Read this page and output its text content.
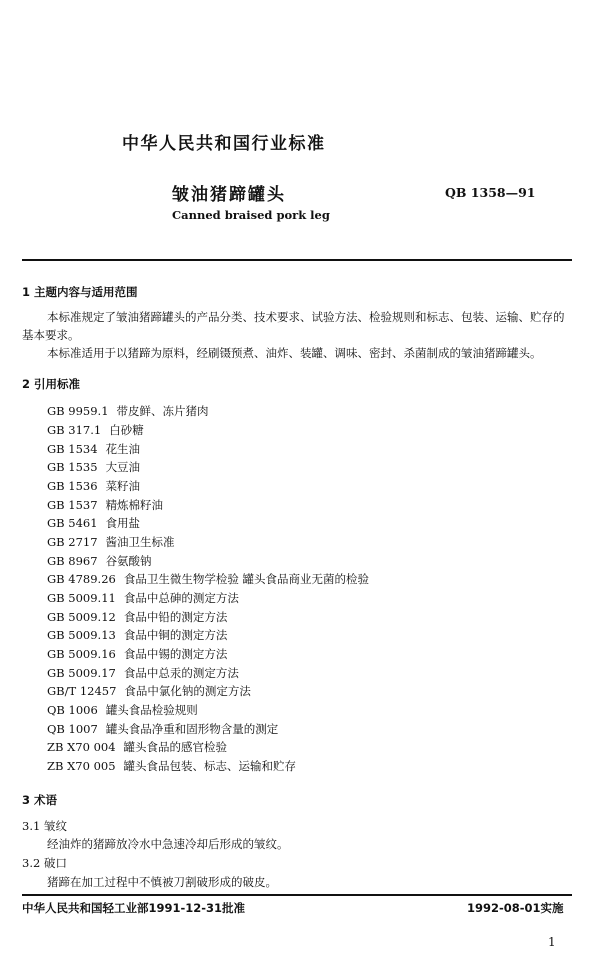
中华人民共和国行业标准
皱油猪蹄罐头	QB 1358—91
Canned braised pork leg
1 主题内容与适用范围
本标准规定了皱油猪蹄罐头的产品分类、技术要求、试验方法、检验规则和标志、包装、运输、贮存的
基本要求。
本标准适用于以猪蹄为原料，经刷镊预煮、油炸、装罐、调味、密封、杀菌制成的皱油猪蹄罐头。
2 引用标准
GB 9959.1 带皮鲜、冻片猪肉
GB 317.1 白砂糖
GB 1534 花生油
GB 1535 大豆油
GB 1536 菜籽油
GB 1537 精炼棉籽油
GB 5461 食用盐
GB 2717 酱油卫生标准
GB 8967 谷氨酸钠
GB 4789.26 食品卫生微生物学检验 罐头食品商业无菌的检验
GB 5009.11 食品中总砷的测定方法
GB 5009.12 食品中铅的测定方法
GB 5009.13 食品中铜的测定方法
GB 5009.16 食品中锡的测定方法
GB 5009.17 食品中总汞的测定方法
GB/T 12457 食品中氯化钠的测定方法
QB 1006 罐头食品检验规则
QB 1007 罐头食品净重和固形物含量的测定
ZB X70 004 罐头食品的感官检验
ZB X70 005 罐头食品包装、标志、运输和贮存
3 术语
3.1 皱纹
经油炸的猪蹄放冷水中急速冷却后形成的皱纹。
3.2 破口
猪蹄在加工过程中不慎被刀割破形成的破皮。
中华人民共和国轻工业部1991-12-31批准	1992-08-01实施
1
